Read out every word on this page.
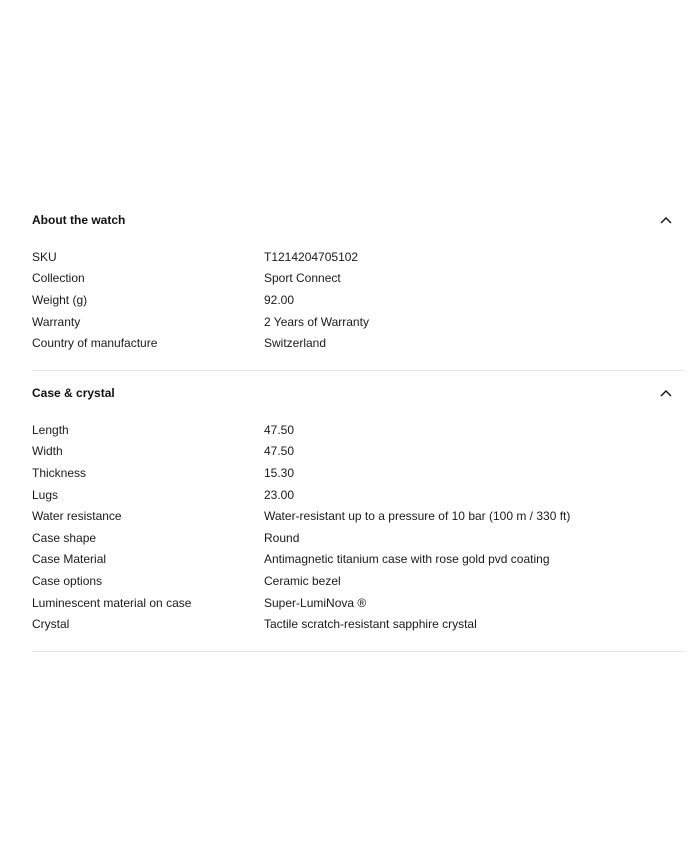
About the watch
SKU	T1214204705102
Collection	Sport Connect
Weight (g)	92.00
Warranty	2 Years of Warranty
Country of manufacture	Switzerland
Case & crystal
Length	47.50
Width	47.50
Thickness	15.30
Lugs	23.00
Water resistance	Water-resistant up to a pressure of 10 bar (100 m / 330 ft)
Case shape	Round
Case Material	Antimagnetic titanium case with rose gold pvd coating
Case options	Ceramic bezel
Luminescent material on case	Super-LumiNova ®
Crystal	Tactile scratch-resistant sapphire crystal
